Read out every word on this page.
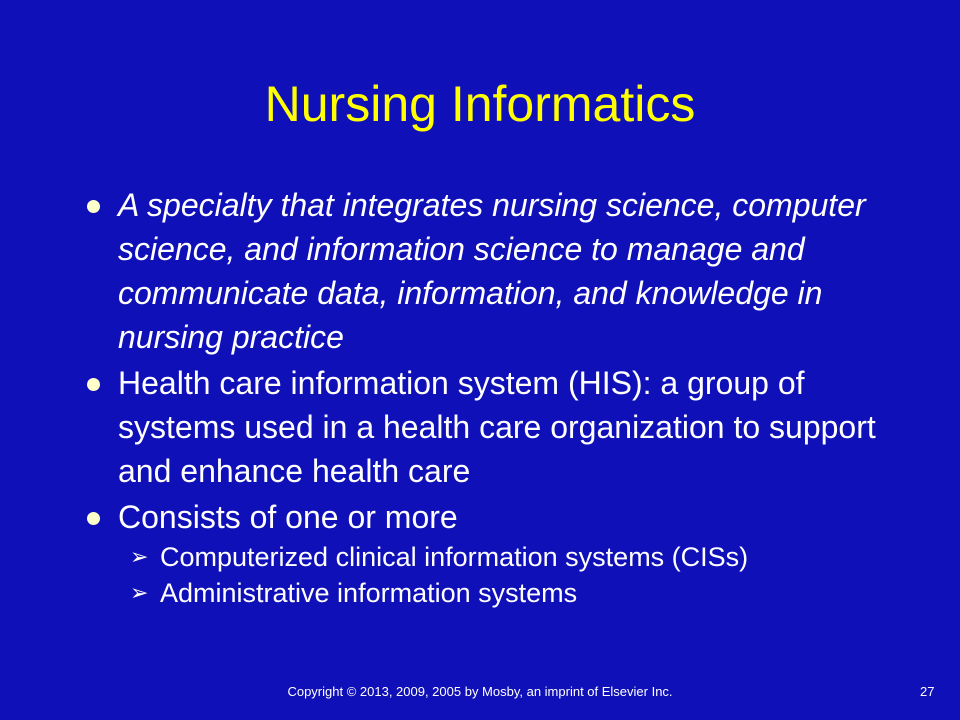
Nursing Informatics
A specialty that integrates nursing science, computer science, and information science to manage and communicate data, information, and knowledge in nursing practice
Health care information system (HIS): a group of systems used in a health care organization to support and enhance health care
Consists of one or more
➢ Computerized clinical information systems (CISs)
➢ Administrative information systems
Copyright © 2013, 2009, 2005 by Mosby, an imprint of Elsevier Inc.	27
